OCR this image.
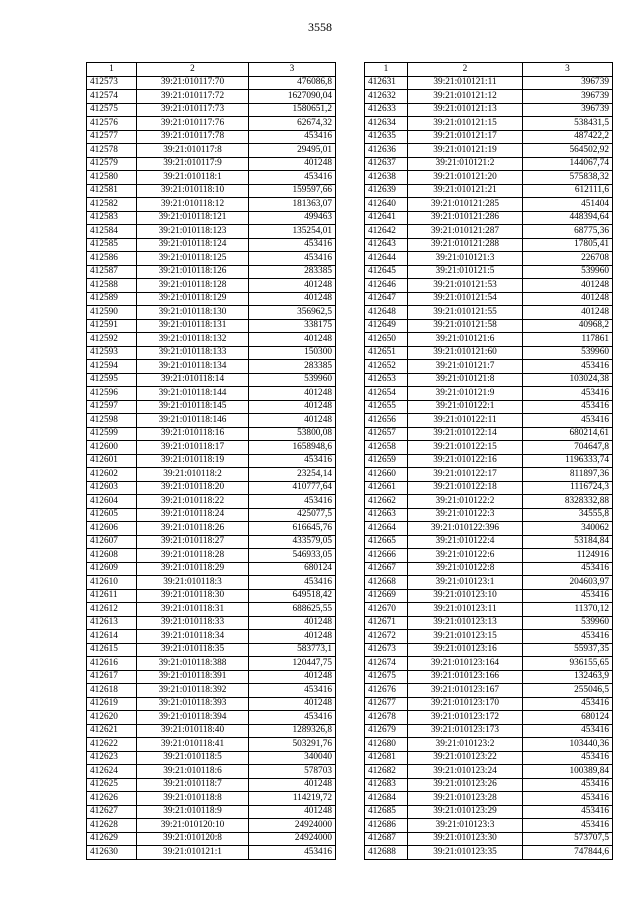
3558
1	2	3
412573	39:21:010117:70	476086,8
412574	39:21:010117:72	1627090,04
412575	39:21:010117:73	1580651,2
412576	39:21:010117:76	62674,32
412577	39:21:010117:78	453416
412578	39:21:010117:8	29495,01
412579	39:21:010117:9	401248
412580	39:21:010118:1	453416
412581	39:21:010118:10	159597,66
412582	39:21:010118:12	181363,07
412583	39:21:010118:121	499463
412584	39:21:010118:123	135254,01
412585	39:21:010118:124	453416
412586	39:21:010118:125	453416
412587	39:21:010118:126	283385
412588	39:21:010118:128	401248
412589	39:21:010118:129	401248
412590	39:21:010118:130	356962,5
412591	39:21:010118:131	338175
412592	39:21:010118:132	401248
412593	39:21:010118:133	150300
412594	39:21:010118:134	283385
412595	39:21:010118:14	539960
412596	39:21:010118:144	401248
412597	39:21:010118:145	401248
412598	39:21:010118:146	401248
412599	39:21:010118:16	53800,08
412600	39:21:010118:17	1658948,6
412601	39:21:010118:19	453416
412602	39:21:010118:2	23254,14
412603	39:21:010118:20	410777,64
412604	39:21:010118:22	453416
412605	39:21:010118:24	425077,5
412606	39:21:010118:26	616645,76
412607	39:21:010118:27	433579,05
412608	39:21:010118:28	546933,05
412609	39:21:010118:29	680124
412610	39:21:010118:3	453416
412611	39:21:010118:30	649518,42
412612	39:21:010118:31	688625,55
412613	39:21:010118:33	401248
412614	39:21:010118:34	401248
412615	39:21:010118:35	583773,1
412616	39:21:010118:388	120447,75
412617	39:21:010118:391	401248
412618	39:21:010118:392	453416
412619	39:21:010118:393	401248
412620	39:21:010118:394	453416
412621	39:21:010118:40	1289326,8
412622	39:21:010118:41	503291,76
412623	39:21:010118:5	340040
412624	39:21:010118:6	578703
412625	39:21:010118:7	401248
412626	39:21:010118:8	114219,72
412627	39:21:010118:9	401248
412628	39:21:010120:10	24924000
412629	39:21:010120:8	24924000
412630	39:21:010121:1	453416
1	2	3
412631	39:21:010121:11	396739
412632	39:21:010121:12	396739
412633	39:21:010121:13	396739
412634	39:21:010121:15	538431,5
412635	39:21:010121:17	487422,2
412636	39:21:010121:19	564502,92
412637	39:21:010121:2	144067,74
412638	39:21:010121:20	575838,32
412639	39:21:010121:21	612111,6
412640	39:21:010121:285	451404
412641	39:21:010121:286	448394,64
412642	39:21:010121:287	68775,36
412643	39:21:010121:288	17805,41
412644	39:21:010121:3	226708
412645	39:21:010121:5	539960
412646	39:21:010121:53	401248
412647	39:21:010121:54	401248
412648	39:21:010121:55	401248
412649	39:21:010121:58	40968,2
412650	39:21:010121:6	117861
412651	39:21:010121:60	539960
412652	39:21:010121:7	453416
412653	39:21:010121:8	103024,38
412654	39:21:010121:9	453416
412655	39:21:010122:1	453416
412656	39:21:010122:11	453416
412657	39:21:010122:14	680214,61
412658	39:21:010122:15	704647,8
412659	39:21:010122:16	1196333,74
412660	39:21:010122:17	811897,36
412661	39:21:010122:18	1116724,3
412662	39:21:010122:2	8328332,88
412663	39:21:010122:3	34555,8
412664	39:21:010122:396	340062
412665	39:21:010122:4	53184,84
412666	39:21:010122:6	1124916
412667	39:21:010122:8	453416
412668	39:21:010123:1	204603,97
412669	39:21:010123:10	453416
412670	39:21:010123:11	11370,12
412671	39:21:010123:13	539960
412672	39:21:010123:15	453416
412673	39:21:010123:16	55937,35
412674	39:21:010123:164	936155,65
412675	39:21:010123:166	132463,9
412676	39:21:010123:167	255046,5
412677	39:21:010123:170	453416
412678	39:21:010123:172	680124
412679	39:21:010123:173	453416
412680	39:21:010123:2	103440,36
412681	39:21:010123:22	453416
412682	39:21:010123:24	100389,84
412683	39:21:010123:26	453416
412684	39:21:010123:28	453416
412685	39:21:010123:29	453416
412686	39:21:010123:3	453416
412687	39:21:010123:30	573707,5
412688	39:21:010123:35	747844,6
